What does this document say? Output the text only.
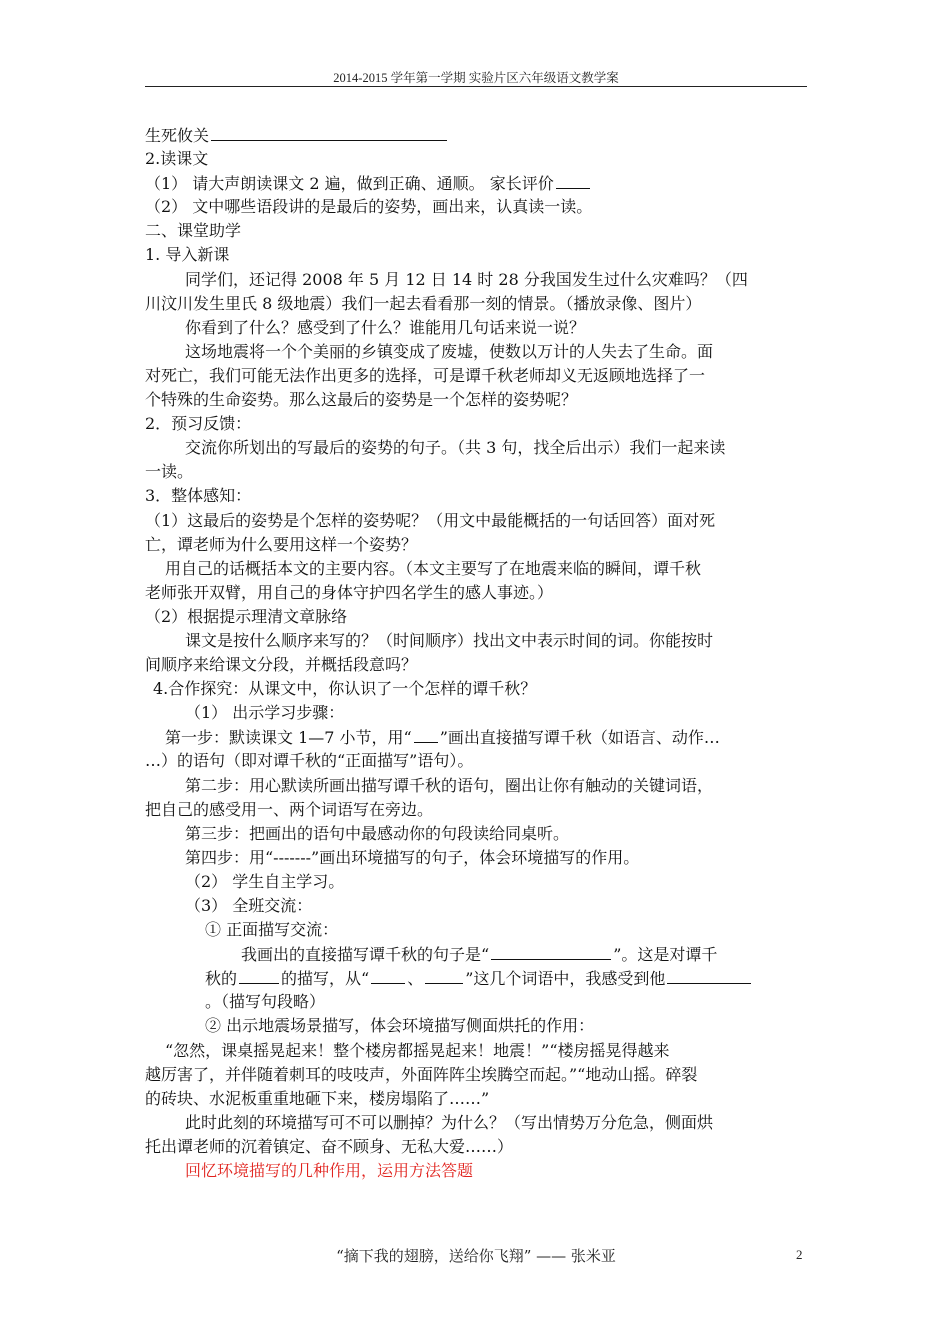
2014-2015 学年第一学期 实验片区六年级语文教学案
生死攸关
2.读课文
（1） 请大声朗读课文 2 遍，做到正确、通顺。 家长评价
（2） 文中哪些语段讲的是最后的姿势，画出来，认真读一读。
二、课堂助学
1. 导入新课
同学们，还记得 2008 年 5 月 12 日 14 时 28 分我国发生过什么灾难吗？（四
川汶川发生里氏 8 级地震）我们一起去看看那一刻的情景。（播放录像、图片）
你看到了什么？感受到了什么？谁能用几句话来说一说？
这场地震将一个个美丽的乡镇变成了废墟，使数以万计的人失去了生命。面
对死亡，我们可能无法作出更多的选择，可是谭千秋老师却义无返顾地选择了一
个特殊的生命姿势。那么这最后的姿势是一个怎样的姿势呢？
2．预习反馈：
交流你所划出的写最后的姿势的句子。（共 3 句，找全后出示）我们一起来读
一读。
3．整体感知：
（1）这最后的姿势是个怎样的姿势呢？（用文中最能概括的一句话回答）面对死
亡，谭老师为什么要用这样一个姿势？
用自己的话概括本文的主要内容。（本文主要写了在地震来临的瞬间，谭千秋
老师张开双臂，用自己的身体守护四名学生的感人事迹。）
（2）根据提示理清文章脉络
课文是按什么顺序来写的？（时间顺序）找出文中表示时间的词。你能按时
间顺序来给课文分段，并概括段意吗？
4.合作探究：从课文中，你认识了一个怎样的谭千秋？
（1） 出示学习步骤：
第一步：默读课文 1—7 小节，用“ ”画出直接描写谭千秋（如语言、动作…
…）的语句（即对谭千秋的“正面描写”语句）。
第二步：用心默读所画出描写谭千秋的语句，圈出让你有触动的关键词语，
把自己的感受用一、两个词语写在旁边。
第三步：把画出的语句中最感动你的句段读给同桌听。
第四步：用“-------”画出环境描写的句子，体会环境描写的作用。
（2） 学生自主学习。
（3） 全班交流：
① 正面描写交流：
我画出的直接描写谭千秋的句子是“	”。这是对谭千
秋的	的描写，从“ 、	”这几个词语中，我感受到他
。（描写句段略）
② 出示地震场景描写，体会环境描写侧面烘托的作用：
“忽然，课桌摇晃起来！整个楼房都摇晃起来！地震！”“楼房摇晃得越来
越厉害了，并伴随着刺耳的吱吱声，外面阵阵尘埃腾空而起。”“地动山摇。碎裂
的砖块、水泥板重重地砸下来，楼房塌陷了……”
此时此刻的环境描写可不可以删掉？为什么？（写出情势万分危急，侧面烘
托出谭老师的沉着镇定、奋不顾身、无私大爱……）
回忆环境描写的几种作用，运用方法答题
“摘下我的翅膀，送给你飞翔” —— 张米亚	2
